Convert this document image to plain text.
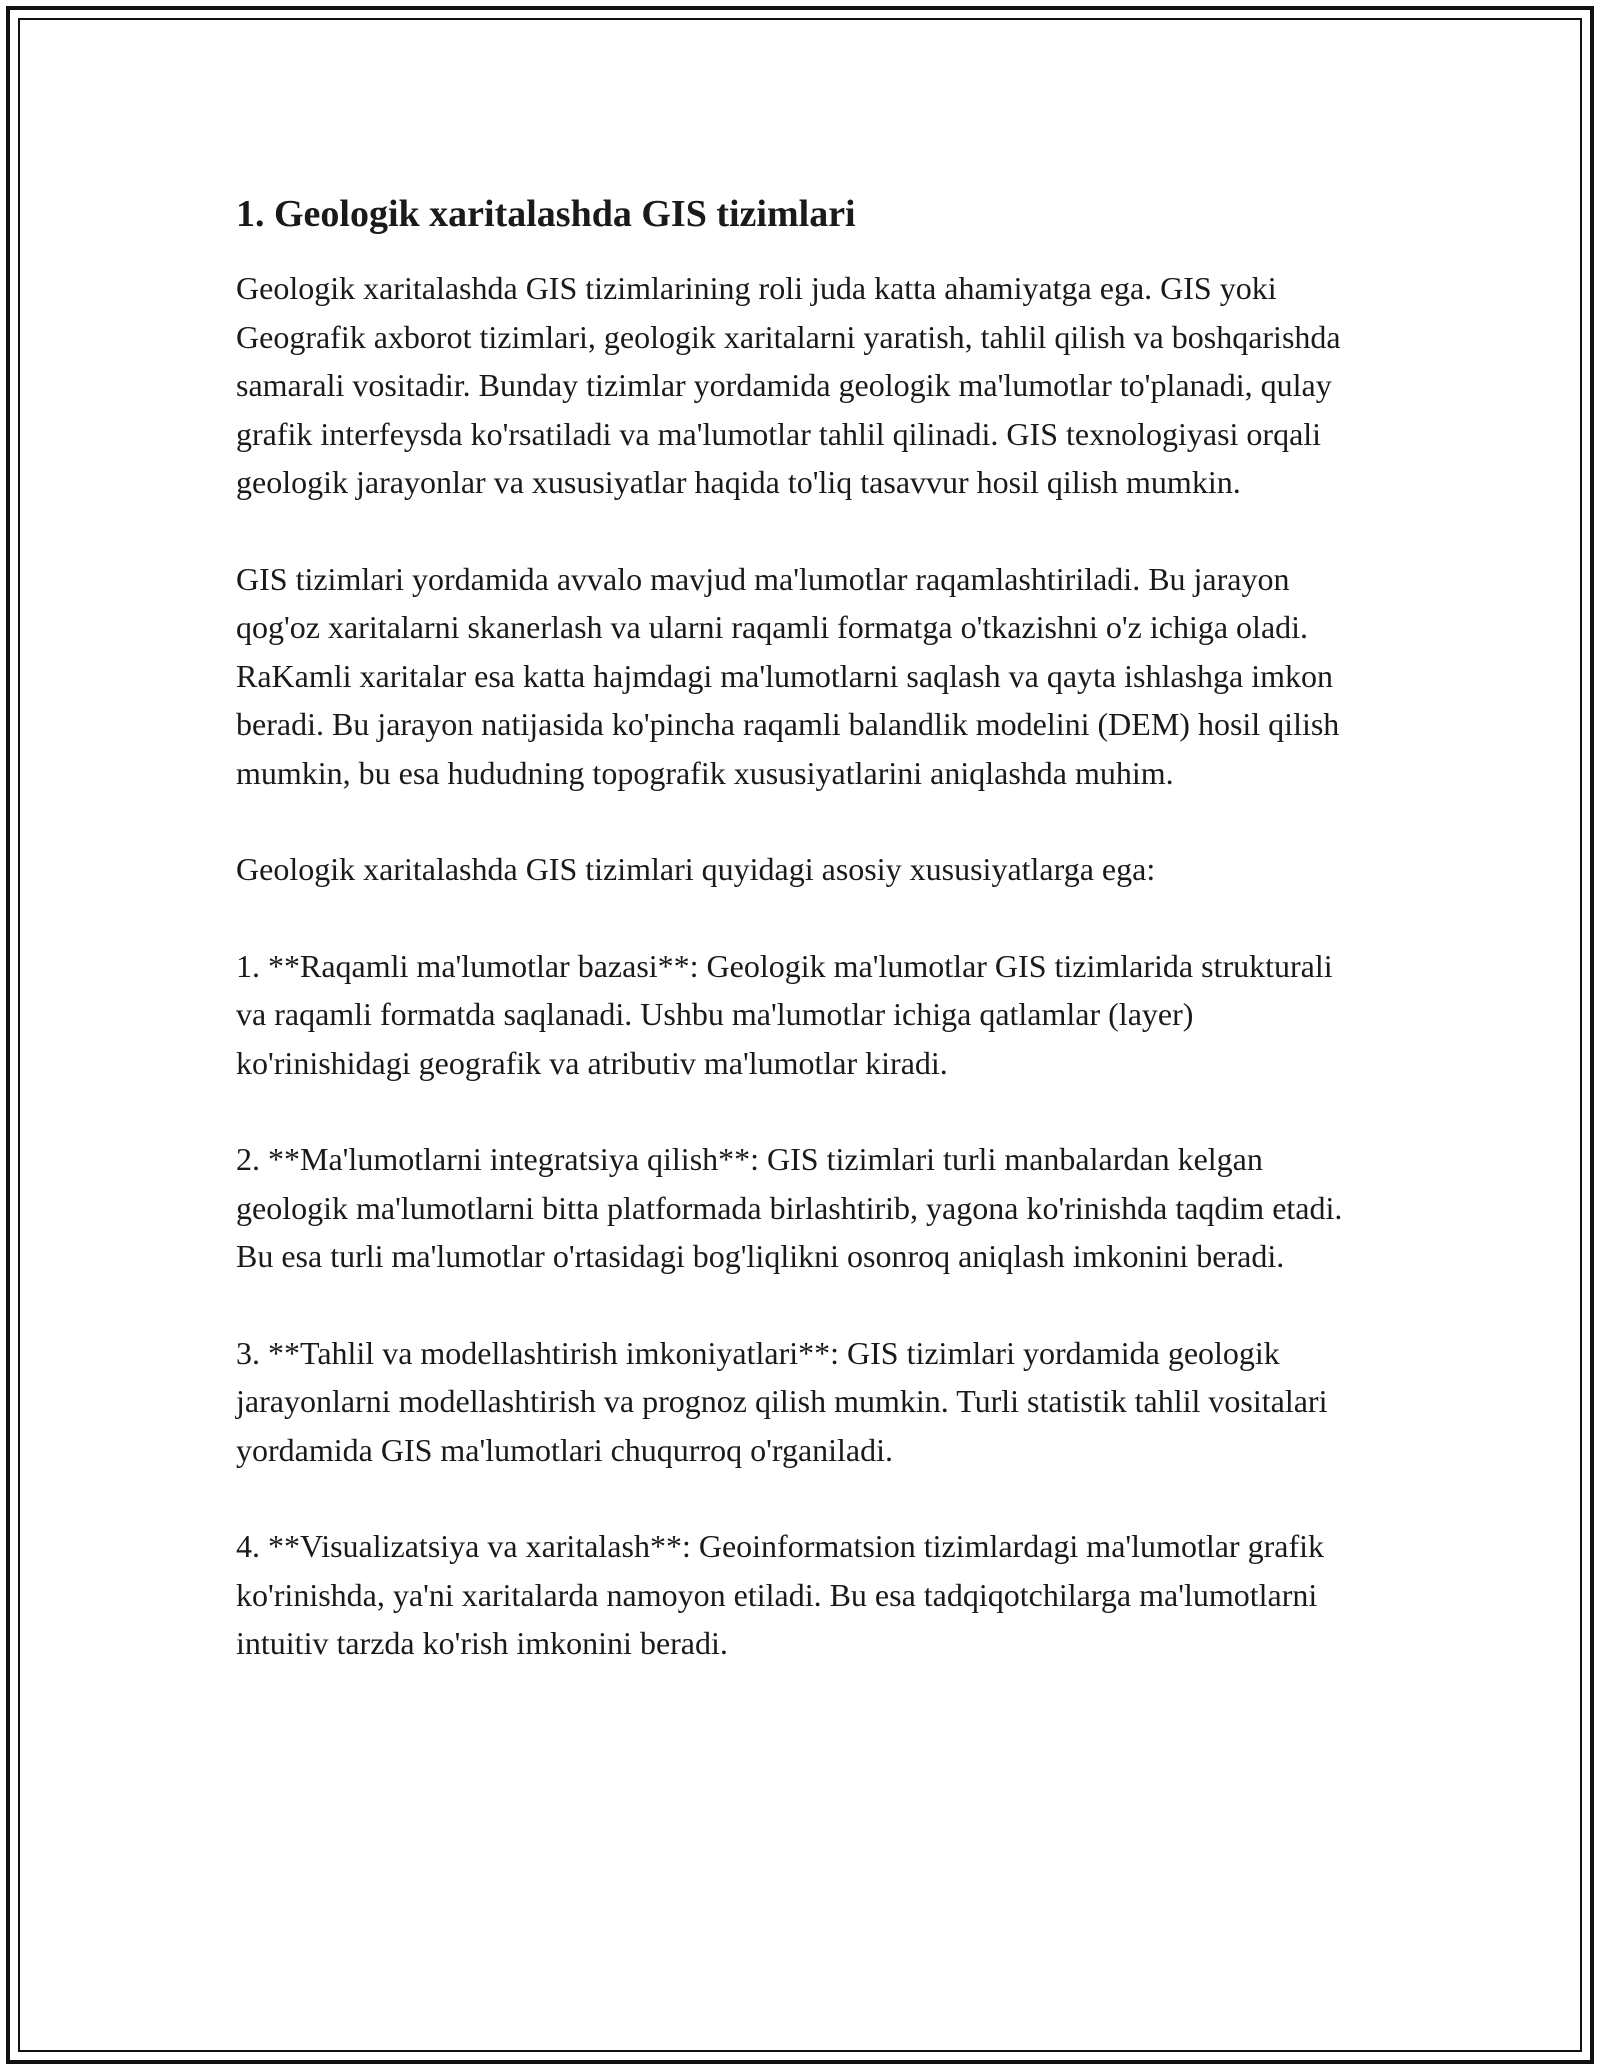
1. Geologik xaritalashda GIS tizimlari

Geologik xaritalashda GIS tizimlarining roli juda katta ahamiyatga ega. GIS yoki Geografik axborot tizimlari, geologik xaritalarni yaratish, tahlil qilish va boshqarishda samarali vositadir. Bunday tizimlar yordamida geologik ma'lumotlar to'planadi, qulay grafik interfeysda ko'rsatiladi va ma'lumotlar tahlil qilinadi. GIS texnologiyasi orqali geologik jarayonlar va xususiyatlar haqida to'liq tasavvur hosil qilish mumkin.

GIS tizimlari yordamida avvalo mavjud ma'lumotlar raqamlashtiriladi. Bu jarayon qog'oz xaritalarni skanerlash va ularni raqamli formatga o'tkazishni o'z ichiga oladi. RaKamli xaritalar esa katta hajmdagi ma'lumotlarni saqlash va qayta ishlashga imkon beradi. Bu jarayon natijasida ko'pincha raqamli balandlik modelini (DEM) hosil qilish mumkin, bu esa hududning topografik xususiyatlarini aniqlashda muhim.

Geologik xaritalashda GIS tizimlari quyidagi asosiy xususiyatlarga ega:

1. **Raqamli ma'lumotlar bazasi**: Geologik ma'lumotlar GIS tizimlarida strukturali va raqamli formatda saqlanadi. Ushbu ma'lumotlar ichiga qatlamlar (layer) ko'rinishidagi geografik va atributiv ma'lumotlar kiradi.

2. **Ma'lumotlarni integratsiya qilish**: GIS tizimlari turli manbalardan kelgan geologik ma'lumotlarni bitta platformada birlashtirib, yagona ko'rinishda taqdim etadi. Bu esa turli ma'lumotlar o'rtasidagi bog'liqlikni osonroq aniqlash imkonini beradi.

3. **Tahlil va modellashtirish imkoniyatlari**: GIS tizimlari yordamida geologik jarayonlarni modellashtirish va prognoz qilish mumkin. Turli statistik tahlil vositalari yordamida GIS ma'lumotlari chuqurroq o'rganiladi.

4. **Visualizatsiya va xaritalash**: Geoinformatsion tizimlardagi ma'lumotlar grafik ko'rinishda, ya'ni xaritalarda namoyon etiladi. Bu esa tadqiqotchilarga ma'lumotlarni intuitiv tarzda ko'rish imkonini beradi.
